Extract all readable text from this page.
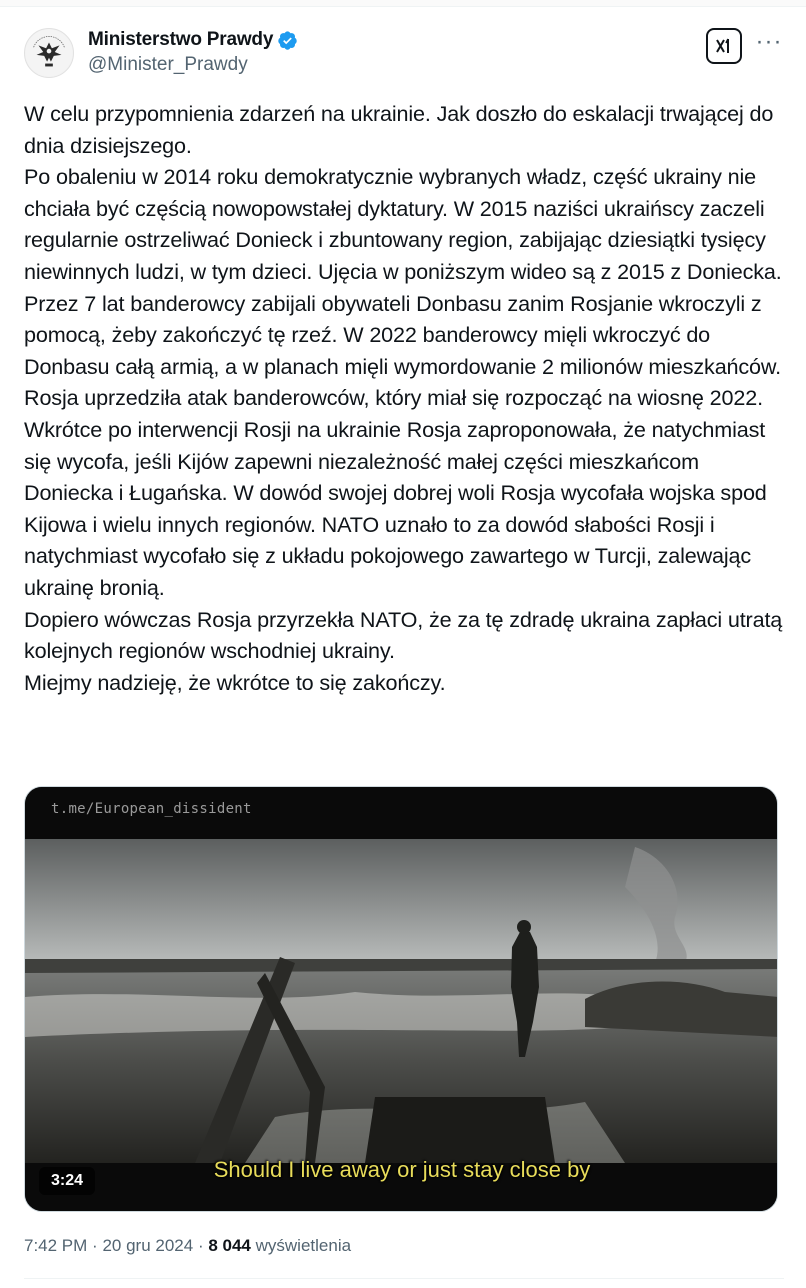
Ministerstwo Prawdy
@Minister_Prawdy
···

W celu przypomnienia zdarzeń na ukrainie. Jak doszło do eskalacji trwającej do dnia dzisiejszego.

Po obaleniu w 2014 roku demokratycznie wybranych władz, część ukrainy nie chciała być częścią nowopowstałej dyktatury. W 2015 naziści ukraińscy zaczeli regularnie ostrzeliwać Donieck i zbuntowany region, zabijając dziesiątki tysięcy niewinnych ludzi, w tym dzieci. Ujęcia w poniższym wideo są z 2015 z Doniecka.

Przez 7 lat banderowcy zabijali obywateli Donbasu zanim Rosjanie wkroczyli z pomocą, żeby zakończyć tę rzeź. W 2022 banderowcy mięli wkroczyć do Donbasu całą armią, a w planach mięli wymordowanie 2 milionów mieszkańców. Rosja uprzedziła atak banderowców, który miał się rozpocząć na wiosnę 2022.

Wkrótce po interwencji Rosji na ukrainie Rosja zaproponowała, że natychmiast się wycofa, jeśli Kijów zapewni niezależność małej części mieszkańcom Doniecka i Ługańska. W dowód swojej dobrej woli Rosja wycofała wojska spod Kijowa i wielu innych regionów. NATO uznało to za dowód słabości Rosji i natychmiast wycofało się z układu pokojowego zawartego w Turcji, zalewając ukrainę bronią.

Dopiero wówczas Rosja przyrzekła NATO, że za tę zdradę ukraina zapłaci utratą kolejnych regionów wschodniej ukrainy.

Miejmy nadzieję, że wkrótce to się zakończy.

t.me/European_dissident
Should I live away or just stay close by
3:24
7:42 PM · 20 gru 2024 · 8 044 wyświetlenia
